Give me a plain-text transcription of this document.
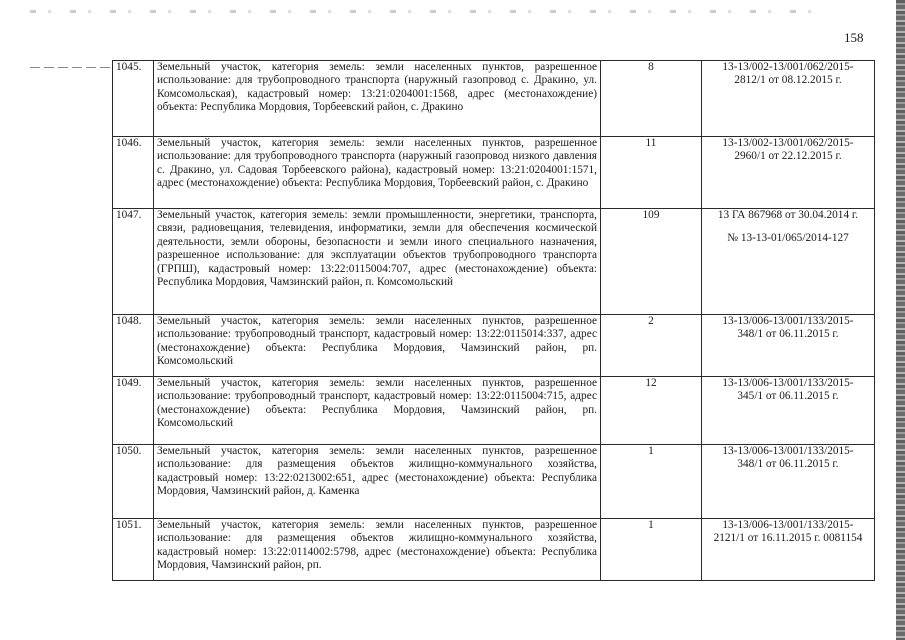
158
1045.	Земельный участок, категория земель: земли населенных пунктов, разрешенное использование: для трубопроводного транспорта (наружный газопровод с. Дракино, ул. Комсомольская), кадастровый номер: 13:21:0204001:1568, адрес (местонахождение) объекта: Республика Мордовия, Торбеевский район, с. Дракино	8	13-13/002-13/001/062/2015-
2812/1 от 08.12.2015 г.

1046.	Земельный участок, категория земель: земли населенных пунктов, разрешенное использование: для трубопроводного транспорта (наружный газопровод низкого давления с. Дракино, ул. Садовая Торбеевского района), кадастровый номер: 13:21:0204001:1571, адрес (местонахождение) объекта: Республика Мордовия, Торбеевский район, с. Дракино	11	13-13/002-13/001/062/2015-
2960/1 от 22.12.2015 г.

1047.	Земельный участок, категория земель: земли промышленности, энергетики, транспорта, связи, радиовещания, телевидения, информатики, земли для обеспечения космической деятельности, земли обороны, безопасности и земли иного специального назначения, разрешенное использование: для эксплуатации объектов трубопроводного транспорта (ГРПШ), кадастровый номер: 13:22:0115004:707, адрес (местонахождение) объекта: Республика Мордовия, Чамзинский район, п. Комсомольский	109	13 ГА 867968 от 30.04.2014 г.
№ 13-13-01/065/2014-127

1048.	Земельный участок, категория земель: земли населенных пунктов, разрешенное использование: трубопроводный транспорт, кадастровый номер: 13:22:0115014:337, адрес (местонахождение) объекта: Республика Мордовия, Чамзинский район, рп. Комсомольский	2	13-13/006-13/001/133/2015-
348/1 от 06.11.2015 г.

1049.	Земельный участок, категория земель: земли населенных пунктов, разрешенное использование: трубопроводный транспорт, кадастровый номер: 13:22:0115004:715, адрес (местонахождение) объекта: Республика Мордовия, Чамзинский район, рп. Комсомольский	12	13-13/006-13/001/133/2015-
345/1 от 06.11.2015 г.

1050.	Земельный участок, категория земель: земли населенных пунктов, разрешенное использование: для размещения объектов жилищно-коммунального хозяйства, кадастровый номер: 13:22:0213002:651, адрес (местонахождение) объекта: Республика Мордовия, Чамзинский район, д. Каменка	1	13-13/006-13/001/133/2015-
348/1 от 06.11.2015 г.

1051.	Земельный участок, категория земель: земли населенных пунктов, разрешенное использование: для размещения объектов жилищно-коммунального хозяйства, кадастровый номер: 13:22:0114002:5798, адрес (местонахождение) объекта: Республика Мордовия, Чамзинский район, рп.	1	13-13/006-13/001/133/2015-
2121/1 от 16.11.2015 г. 0081154
